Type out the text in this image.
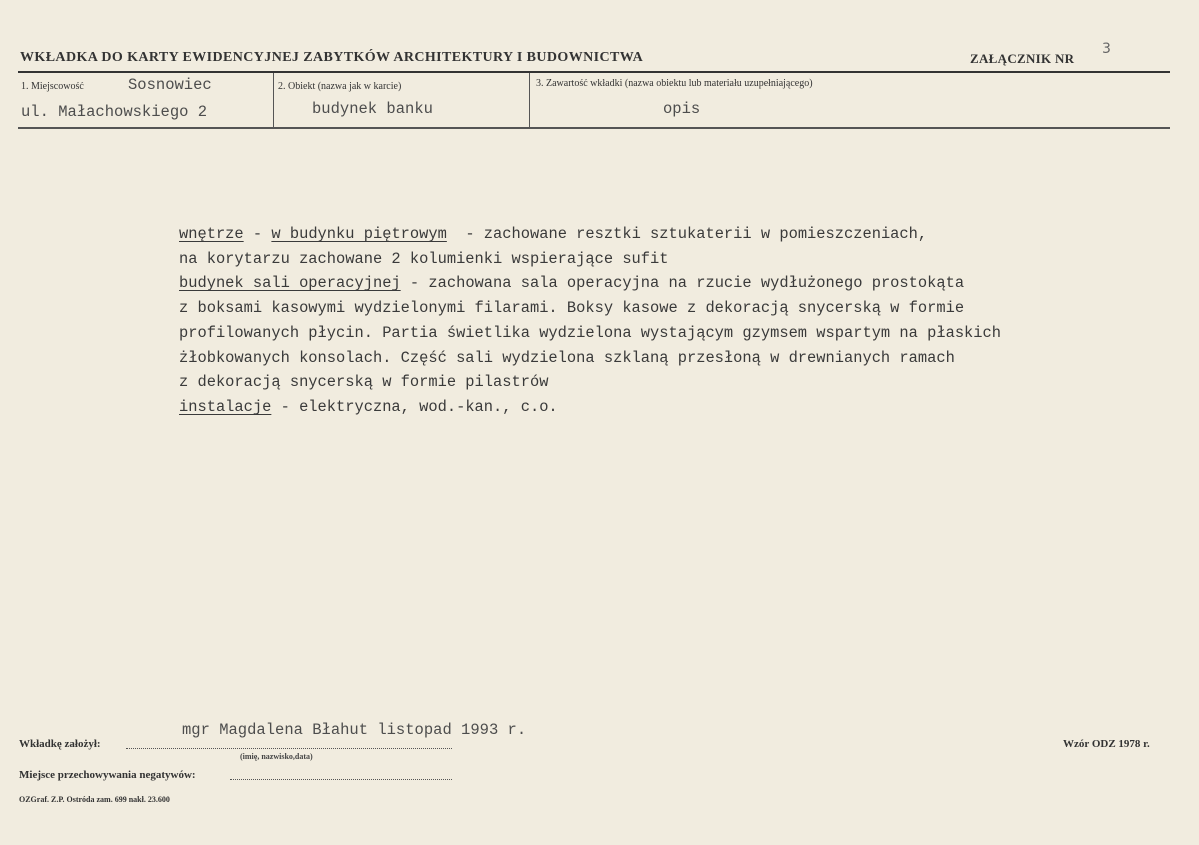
WKŁADKA DO KARTY EWIDENCYJNEJ ZABYTKÓW ARCHITEKTURY I BUDOWNICTWA	ZAŁĄCZNIK NR
3
1. Miejscowość	Sosnowiec
ul. Małachowskiego 2
2. Obiekt (nazwa jak w karcie)
budynek banku
3. Zawartość wkładki (nazwa obiektu lub materiału uzupełniającego)
opis
wnętrze - w budynku piętrowym  - zachowane resztki sztukaterii w pomieszczeniach,
na korytarzu zachowane 2 kolumienki wspierające sufit
budynek sali operacyjnej - zachowana sala operacyjna na rzucie wydłużonego prostokąta
z boksami kasowymi wydzielonymi filarami. Boksy kasowe z dekoracją snycerską w formie
profilowanych płycin. Partia świetlika wydzielona wystającym gzymsem wspartym na płaskich
żłobkowanych konsolach. Część sali wydzielona szklaną przesłoną w drewnianych ramach
z dekoracją snycerską w formie pilastrów
instalacje - elektryczna, wod.-kan., c.o.
Wkładkę założył:
mgr Magdalena Błahut listopad 1993 r.
(imię, nazwisko,data)
Wzór ODZ 1978 r.
Miejsce przechowywania negatywów:
OZGraf. Z.P. Ostróda zam. 699 nakł. 23.600
